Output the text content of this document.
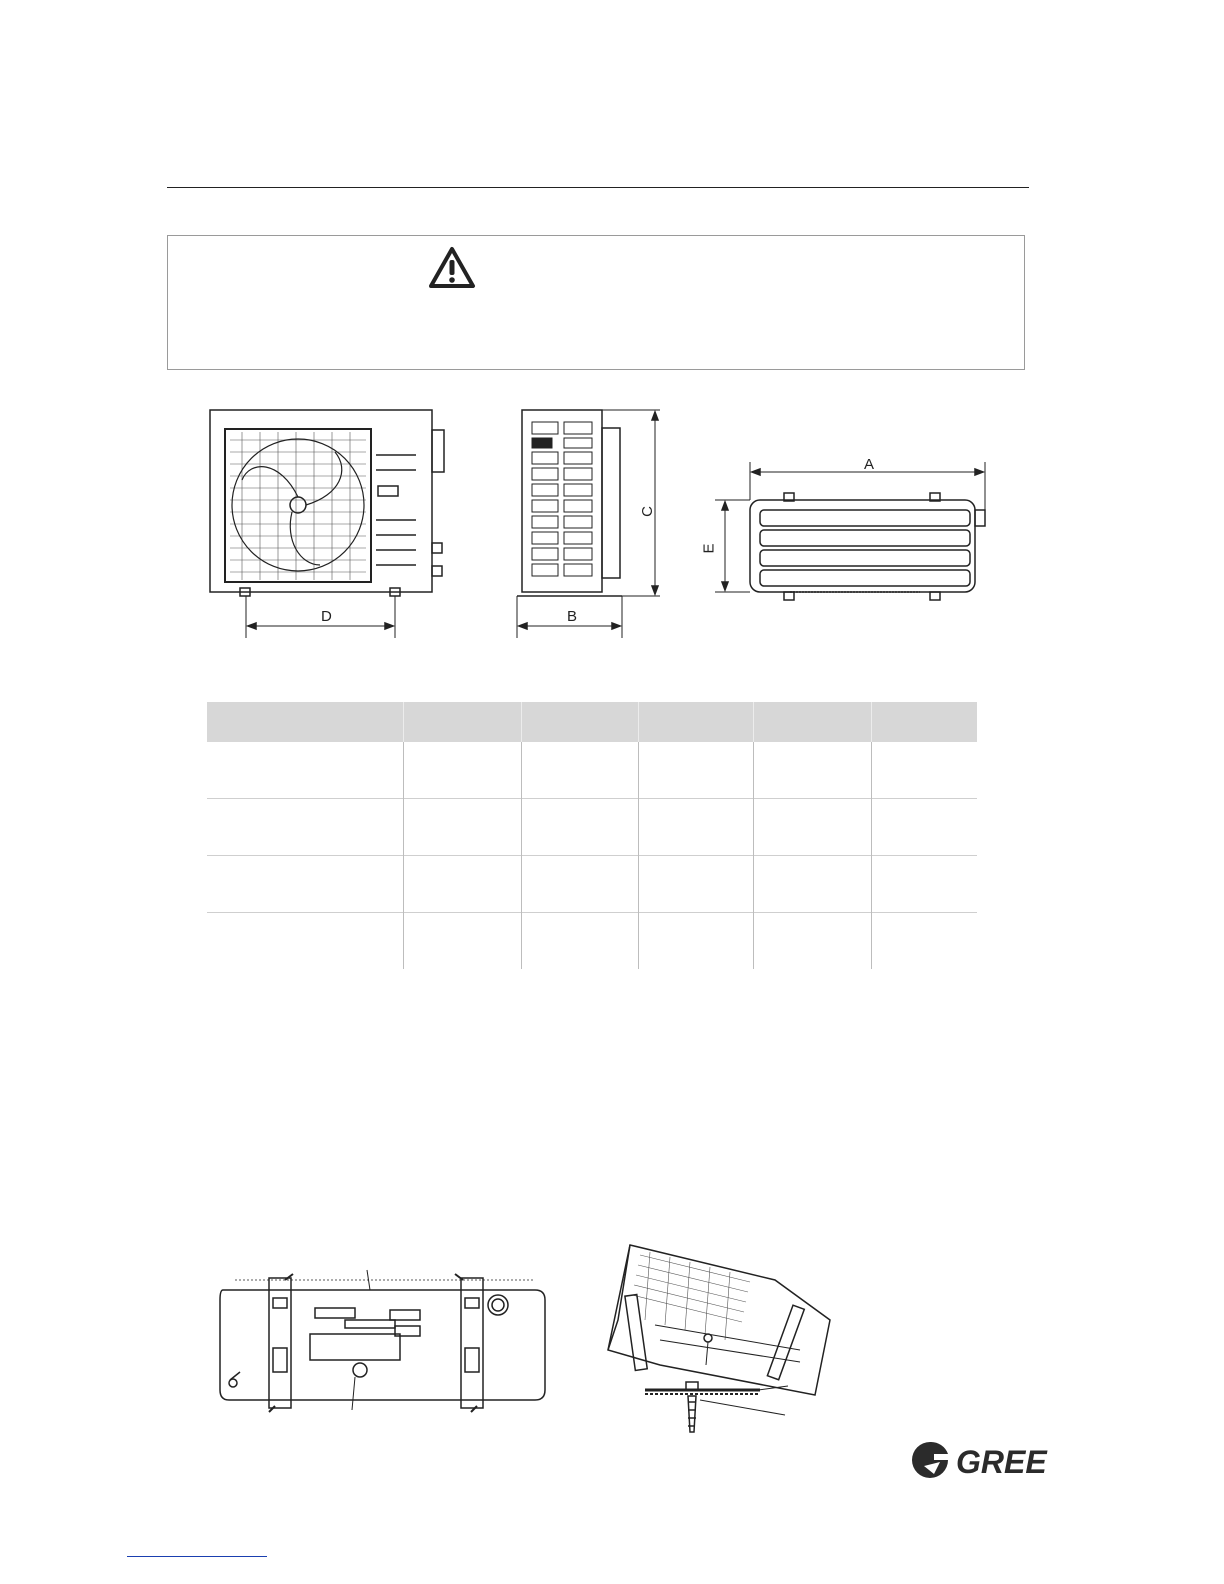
D	B
C
A
E

GREE
